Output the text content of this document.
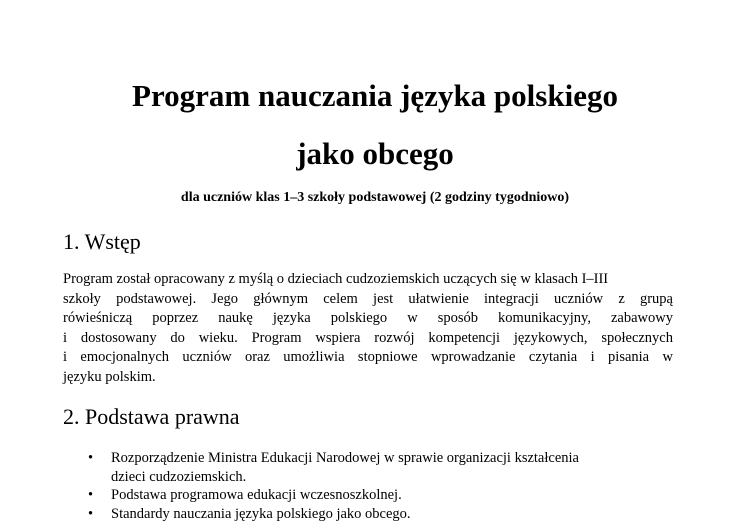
Program nauczania języka polskiego
jako obcego

dla uczniów klas 1–3 szkoły podstawowej (2 godziny tygodniowo)

1. Wstęp
Program został opracowany z myślą o dzieciach cudzoziemskich uczących się w klasach I–III
szkoły podstawowej. Jego głównym celem jest ułatwienie integracji uczniów z grupą
rówieśniczą poprzez naukę języka polskiego w sposób komunikacyjny, zabawowy
i dostosowany do wieku. Program wspiera rozwój kompetencji językowych, społecznych
i emocjonalnych uczniów oraz umożliwia stopniowe wprowadzanie czytania i pisania w
języku polskim.
2. Podstawa prawna
• Rozporządzenie Ministra Edukacji Narodowej w sprawie organizacji kształcenia
dzieci cudzoziemskich.
• Podstawa programowa edukacji wczesnoszkolnej.
• Standardy nauczania języka polskiego jako obcego.
